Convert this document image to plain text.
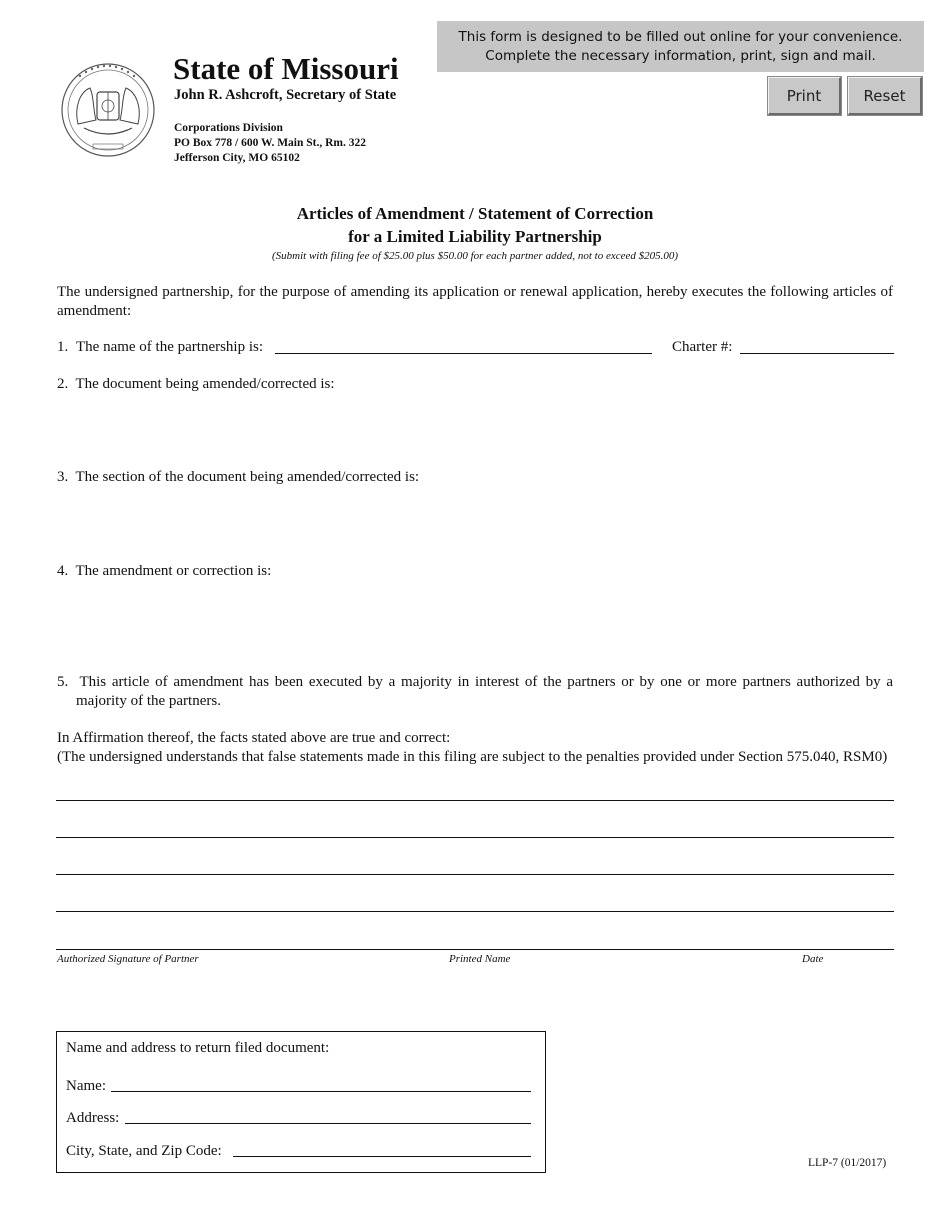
State of Missouri
John R. Ashcroft, Secretary of State
Corporations Division
PO Box 778 / 600 W. Main St., Rm. 322
Jefferson City, MO 65102
This form is designed to be filled out online for your convenience.
Complete the necessary information, print, sign and mail.
Print	Reset
Articles of Amendment / Statement of Correction
for a Limited Liability Partnership
(Submit with filing fee of $25.00 plus $50.00 for each partner added, not to exceed $205.00)
The undersigned partnership, for the purpose of amending its application or renewal application, hereby executes the following articles of amendment:
1. The name of the partnership is:	Charter #:
2.  The document being amended/corrected is:
3.  The section of the document being amended/corrected is:
4.  The amendment or correction is:
5.  This article of amendment has been executed by a majority in interest of the partners or by one or more partners authorized by a majority of the partners.
In Affirmation thereof, the facts stated above are true and correct:
(The undersigned understands that false statements made in this filing are subject to the penalties provided under Section 575.040, RSM0)
Authorized Signature of Partner	Printed Name	Date
Name and address to return filed document:
Name:
Address:
City, State, and Zip Code:
LLP-7 (01/2017)
